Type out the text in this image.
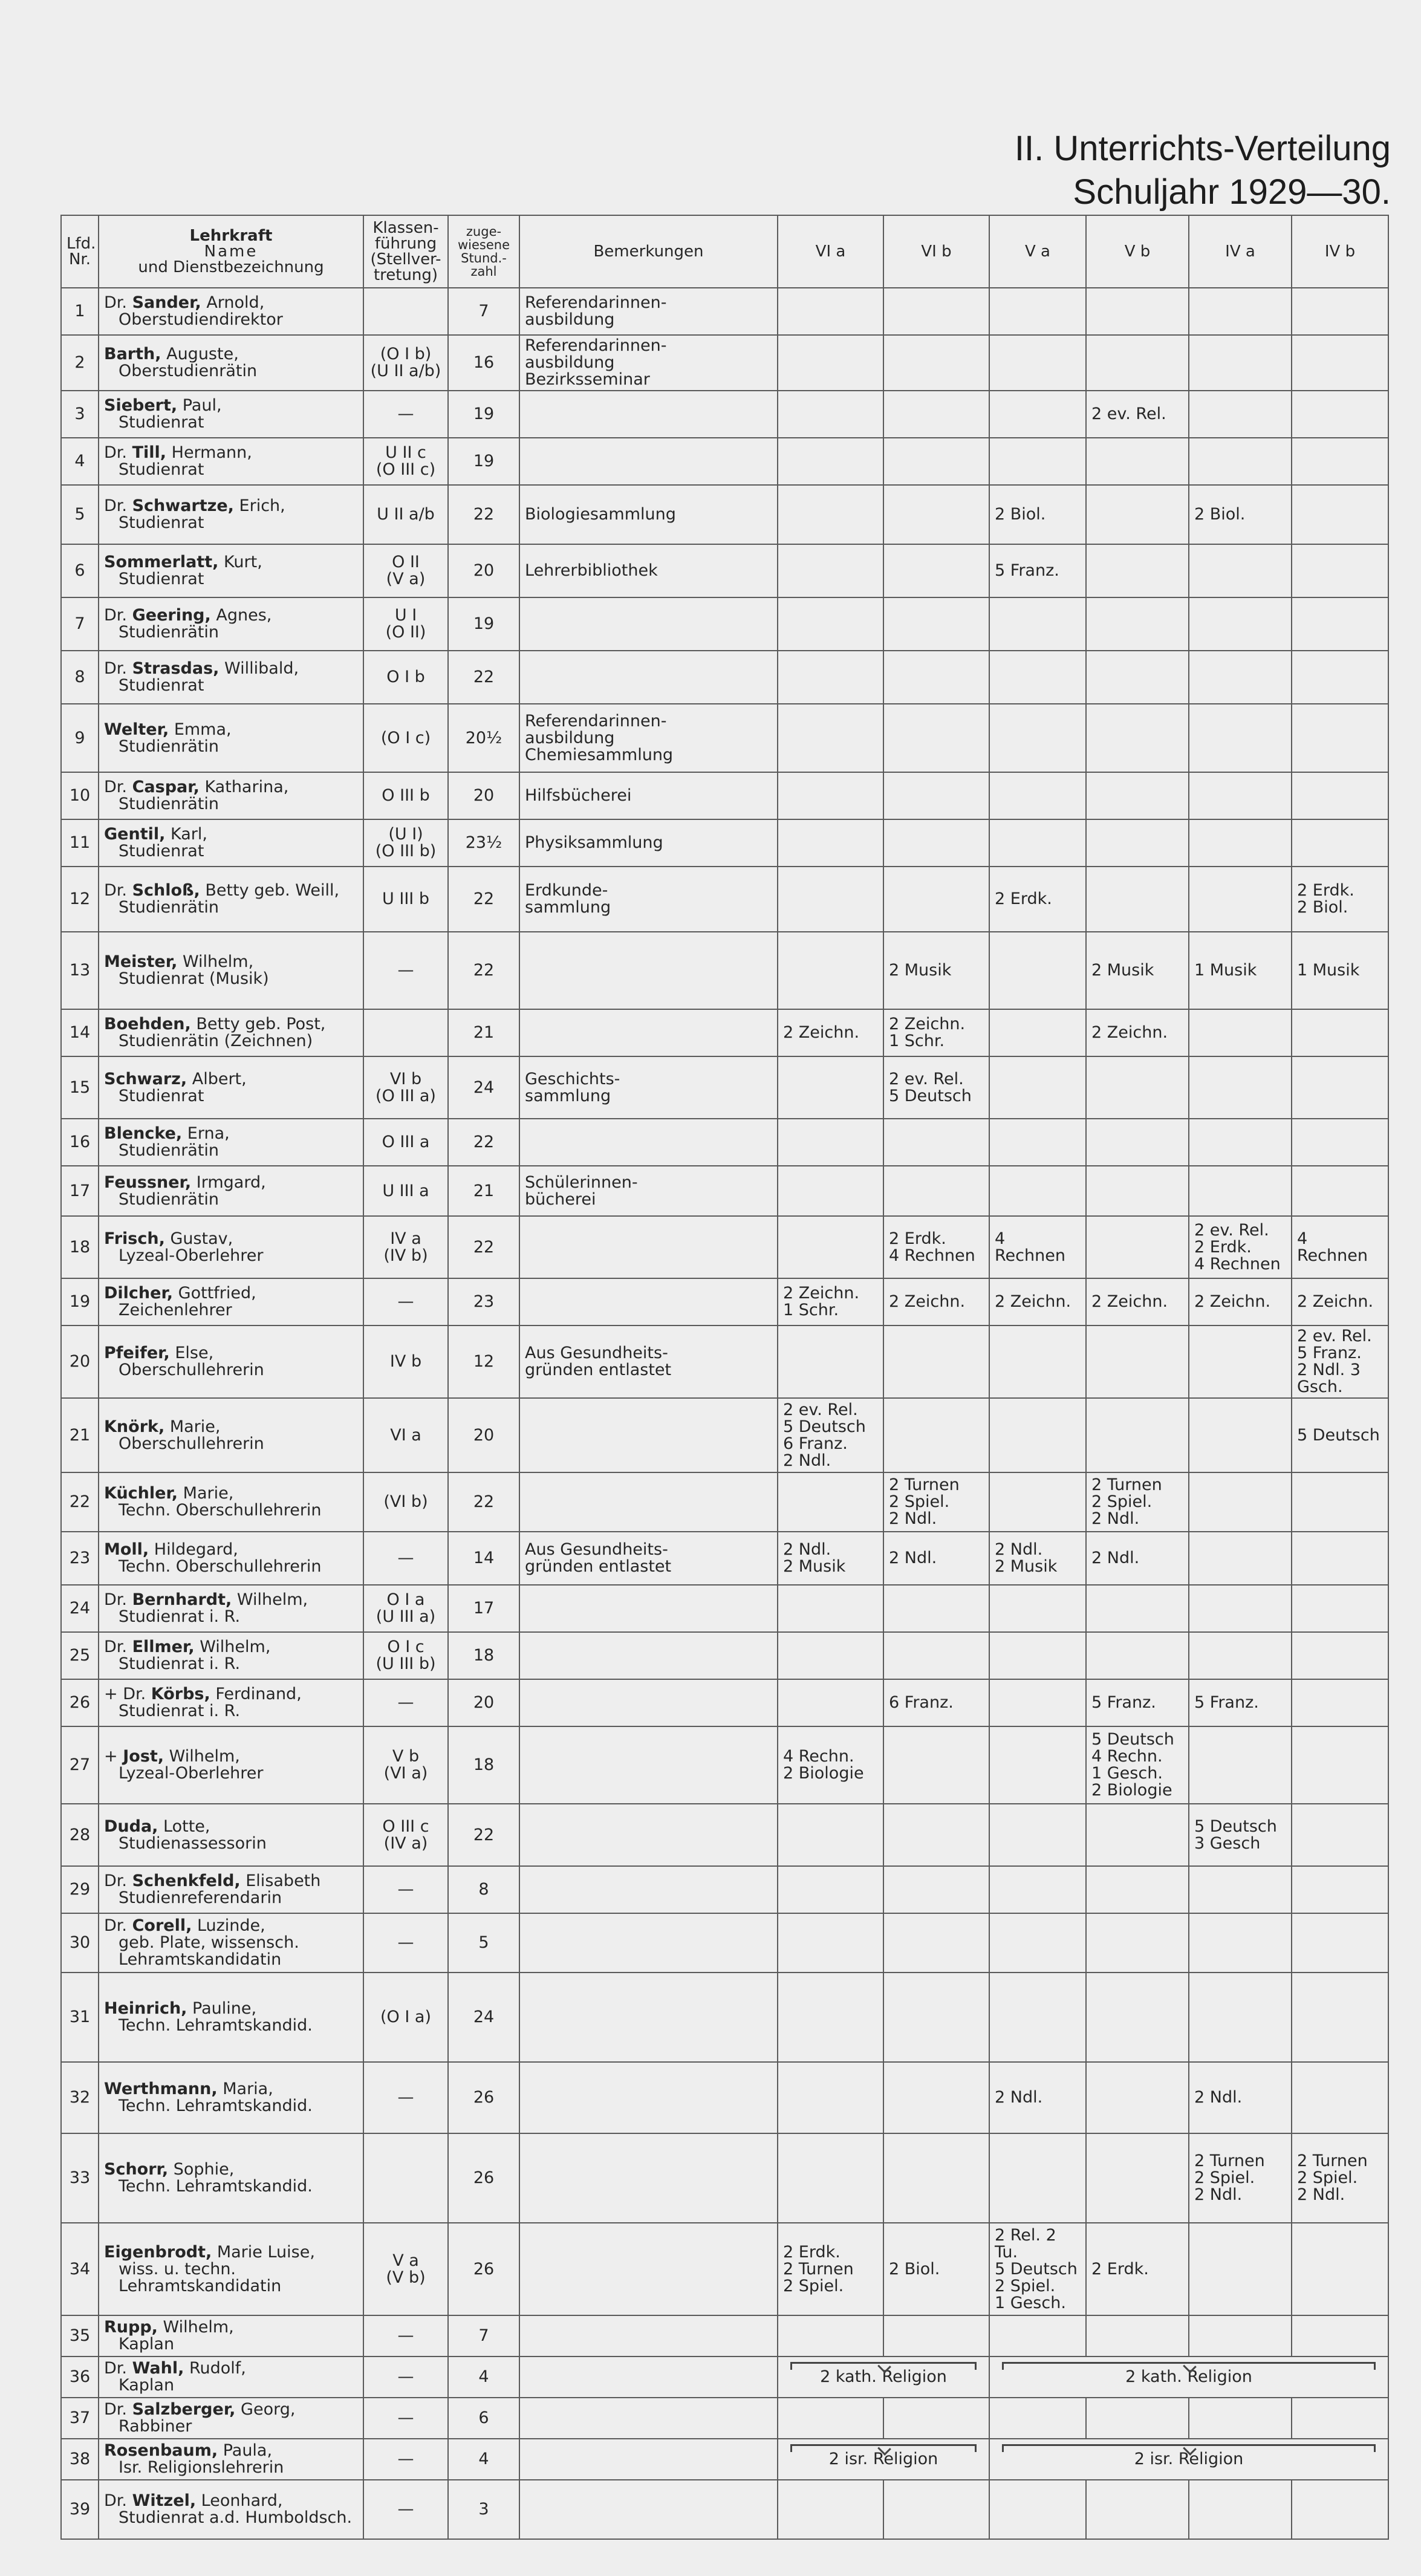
II. Unterrichts-Verteilung
Schuljahr 1929—30.
Lfd.
Nr.	Lehrkraft
Name
und Dienstbezeichnung	Klassen-
führung
(Stellver-
tretung)	zuge-
wiesene
Stund.-
zahl	Bemerkungen	VI a	VI b	V a	V b	IV a	IV b
1	Dr. Sander, Arnold,
Oberstudiendirektor		7	Referendarinnen-
ausbildung						
2	Barth, Auguste,
Oberstudienrätin	(O I b)
(U II a/b)	16	Referendarinnen-
ausbildung
Bezirksseminar						
3	Siebert, Paul,
Studienrat	—	19					2 ev. Rel.		
4	Dr. Till, Hermann,
Studienrat	U II c
(O III c)	19							
5	Dr. Schwartze, Erich,
Studienrat	U II a/b	22	Biologiesammlung			2 Biol.		2 Biol.	
6	Sommerlatt, Kurt,
Studienrat	O II
(V a)	20	Lehrerbibliothek			5 Franz.			
7	Dr. Geering, Agnes,
Studienrätin	U I
(O II)	19							
8	Dr. Strasdas, Willibald,
Studienrat	O I b	22							
9	Welter, Emma,
Studienrätin	(O I c)	20½	Referendarinnen-
ausbildung
Chemiesammlung						
10	Dr. Caspar, Katharina,
Studienrätin	O III b	20	Hilfsbücherei						
11	Gentil, Karl,
Studienrat	(U I)
(O III b)	23½	Physiksammlung						
12	Dr. Schloß, Betty geb. Weill,
Studienrätin	U III b	22	Erdkunde-
sammlung			2 Erdk.			2 Erdk.
2 Biol.
13	Meister, Wilhelm,
Studienrat (Musik)	—	22			2 Musik		2 Musik	1 Musik	1 Musik
14	Boehden, Betty geb. Post,
Studienrätin (Zeichnen)		21		2 Zeichn.	2 Zeichn.
1 Schr.		2 Zeichn.		
15	Schwarz, Albert,
Studienrat	VI b
(O III a)	24	Geschichts-
sammlung		2 ev. Rel.
5 Deutsch				
16	Blencke, Erna,
Studienrätin	O III a	22							
17	Feussner, Irmgard,
Studienrätin	U III a	21	Schülerinnen-
bücherei						
18	Frisch, Gustav,
Lyzeal-Oberlehrer	IV a
(IV b)	22			2 Erdk.
4 Rechnen	4 Rechnen		2 ev. Rel.
2 Erdk.
4 Rechnen	4 Rechnen
19	Dilcher, Gottfried,
Zeichenlehrer	—	23		2 Zeichn.
1 Schr.	2 Zeichn.	2 Zeichn.	2 Zeichn.	2 Zeichn.	2 Zeichn.
20	Pfeifer, Else,
Oberschullehrerin	IV b	12	Aus Gesundheits-
gründen entlastet						2 ev. Rel.
5 Franz.
2 Ndl. 3 Gsch.
21	Knörk, Marie,
Oberschullehrerin	VI a	20		2 ev. Rel.
5 Deutsch
6 Franz.
2 Ndl.					5 Deutsch
22	Küchler, Marie,
Techn. Oberschullehrerin	(VI b)	22			2 Turnen
2 Spiel.
2 Ndl.		2 Turnen
2 Spiel.
2 Ndl.		
23	Moll, Hildegard,
Techn. Oberschullehrerin	—	14	Aus Gesundheits-
gründen entlastet	2 Ndl.
2 Musik	2 Ndl.	2 Ndl.
2 Musik	2 Ndl.		
24	Dr. Bernhardt, Wilhelm,
Studienrat i. R.	O I a
(U III a)	17							
25	Dr. Ellmer, Wilhelm,
Studienrat i. R.	O I c
(U III b)	18							
26	+ Dr. Körbs, Ferdinand,
Studienrat i. R.	—	20			6 Franz.		5 Franz.	5 Franz.	
27	+ Jost, Wilhelm,
Lyzeal-Oberlehrer	V b
(VI a)	18		4 Rechn.
2 Biologie			5 Deutsch
4 Rechn.
1 Gesch.
2 Biologie		
28	Duda, Lotte,
Studienassessorin	O III c
(IV a)	22						5 Deutsch
3 Gesch	
29	Dr. Schenkfeld, Elisabeth
Studienreferendarin	—	8							
30	Dr. Corell, Luzinde,
geb. Plate, wissensch.
Lehramtskandidatin	—	5							
31	Heinrich, Pauline,
Techn. Lehramtskandid.	(O I a)	24							
32	Werthmann, Maria,
Techn. Lehramtskandid.	—	26				2 Ndl.		2 Ndl.	
33	Schorr, Sophie,
Techn. Lehramtskandid.		26						2 Turnen
2 Spiel.
2 Ndl.	2 Turnen
2 Spiel.
2 Ndl.
34	Eigenbrodt, Marie Luise,
wiss. u. techn.
Lehramtskandidatin	V a
(V b)	26		2 Erdk.
2 Turnen
2 Spiel.	2 Biol.	2 Rel. 2 Tu.
5 Deutsch
2 Spiel.
1 Gesch.	2 Erdk.		
35	Rupp, Wilhelm,
Kaplan	—	7							
36	Dr. Wahl, Rudolf,
Kaplan	—	4		2 kath. Religion		2 kath. Religion			
37	Dr. Salzberger, Georg,
Rabbiner	—	6							
38	Rosenbaum, Paula,
Isr. Religionslehrerin	—	4		2 isr. Religion		2 isr. Religion			
39	Dr. Witzel, Leonhard,
Studienrat a.d. Humboldsch.	—	3							
